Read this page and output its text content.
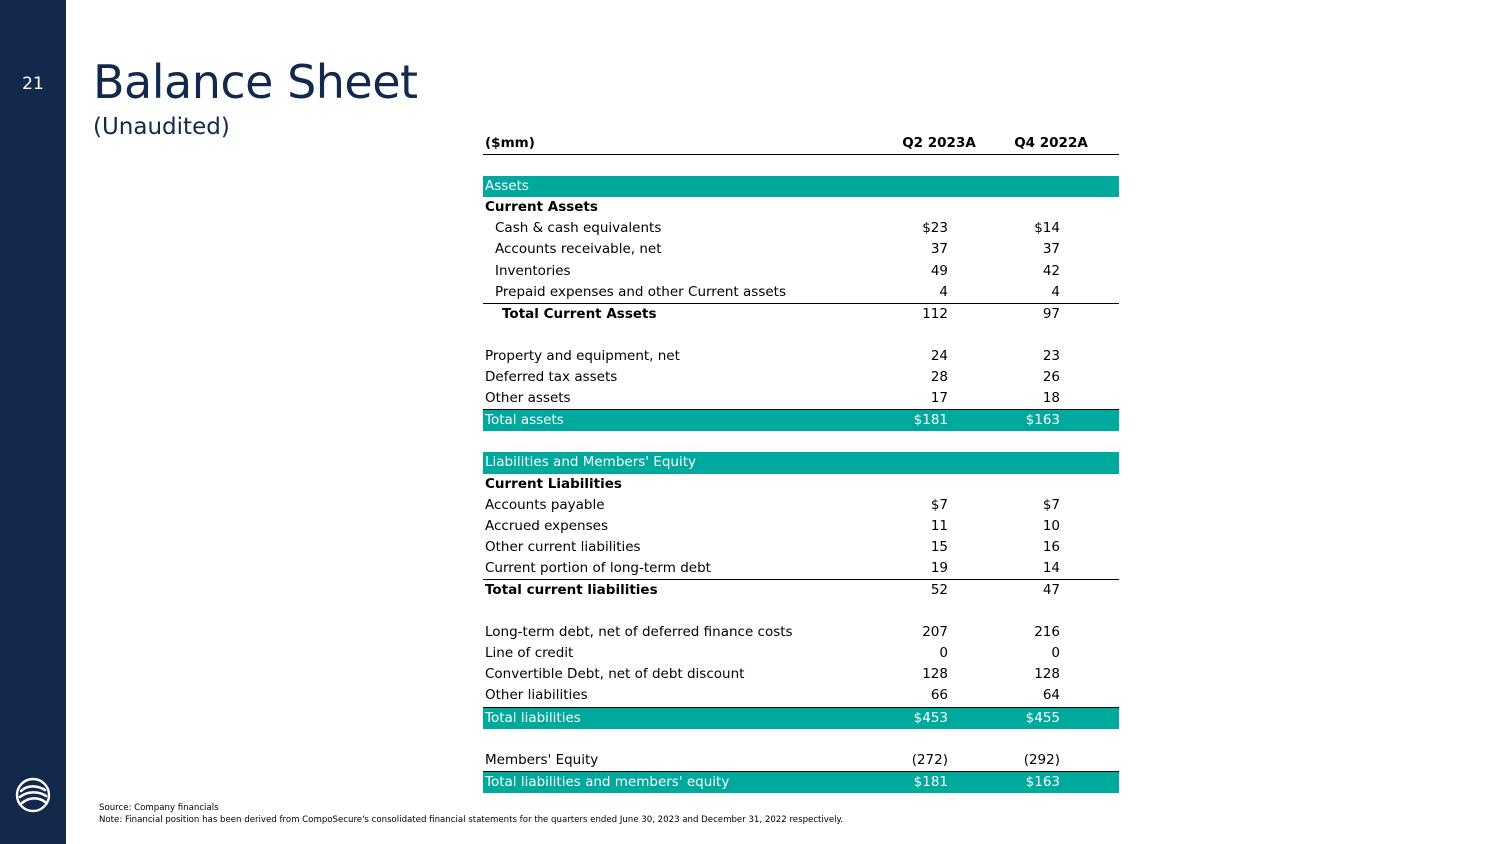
21	Balance Sheet
(Unaudited)
($mm)	Q2 2023A	Q4 2022A
Assets
Current Assets
Cash & cash equivalents	$23	$14
Accounts receivable, net	37	37
Inventories	49	42
Prepaid expenses and other Current assets	4	4
Total Current Assets	112	97
Property and equipment, net	24	23
Deferred tax assets	28	26
Other assets	17	18
Total assets	$181	$163
Liabilities and Members' Equity
Current Liabilities
Accounts payable	$7	$7
Accrued expenses	11	10
Other current liabilities	15	16
Current portion of long-term debt	19	14
Total current liabilities	52	47
Long-term debt, net of deferred finance costs	207	216
Line of credit	0	0
Convertible Debt, net of debt discount	128	128
Other liabilities	66	64
Total liabilities	$453	$455
Members' Equity	(272)	(292)
Total liabilities and members' equity	$181	$163
Source: Company financials
Note: Financial position has been derived from CompoSecure's consolidated financial statements for the quarters ended June 30, 2023 and December 31, 2022 respectively.
